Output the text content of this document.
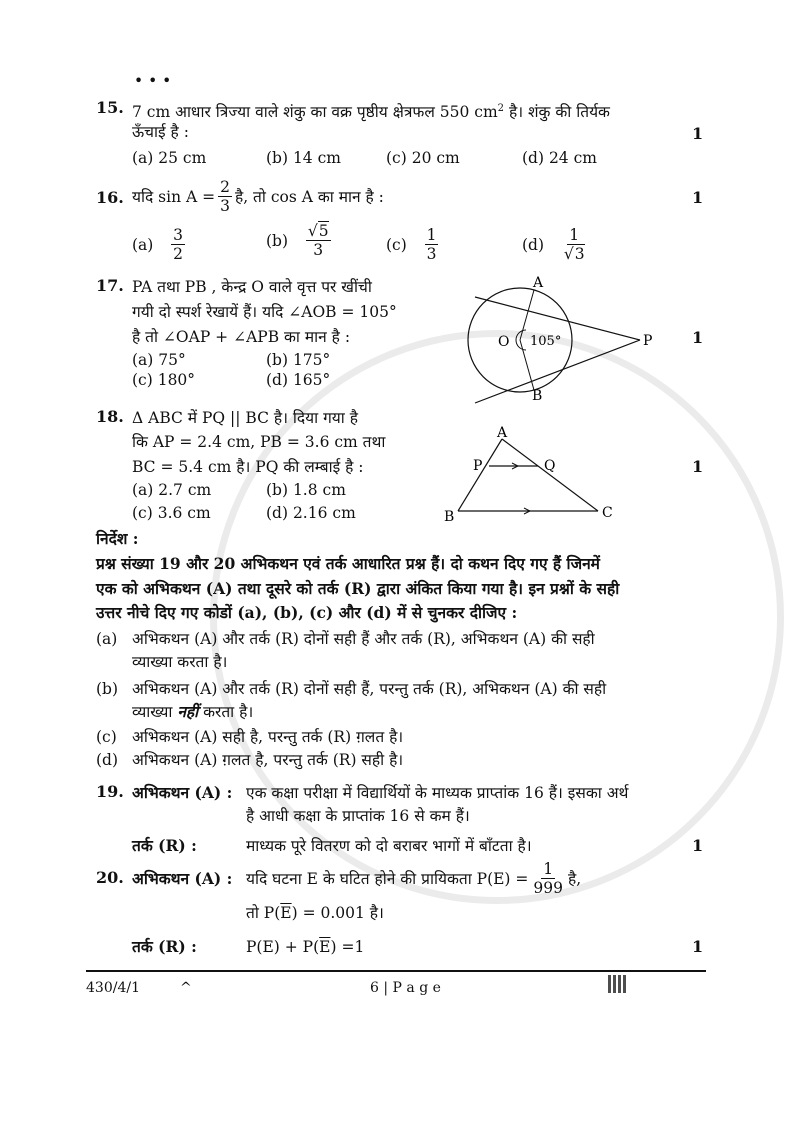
• • •
15. 7 cm आधार त्रिज्या वाले शंकु का वक्र पृष्ठीय क्षेत्रफल 550 $cm^2$ है। शंकु की तिर्यक
ऊँचाई है :	1
(a) 25 cm	(b) 14 cm	(c) 20 cm	(d) 24 cm
16. यदि $\sin A = \frac{2}{3}$ है, तो cos A का मान है :	1
(a)
$\frac{3}{2}$	(b)
$\frac{√5}{3}$	(c)
$\frac{1}{3}$	(d)
$\frac{1}{√3}$
17. PA तथा PB , केन्द्र O वाले वृत्त पर खींची
गयी दो स्पर्श रेखायें हैं। यदि ∠AOB = 105°
है तो ∠OAP + ∠APB का मान है :
(a) 75°	(b) 175°
(c) 180°	(d) 165°
1
A
O 105°	P
B
18. Δ ABC में PQ || BC है। दिया गया है
कि AP = 2.4 cm, PB = 3.6 cm तथा
BC = 5.4 cm है। PQ की लम्बाई है :
(a) 2.7 cm	(b) 1.8 cm
(c) 3.6 cm	(d) 2.16 cm
1
A
P	Q
B	C
निर्देश :
प्रश्न संख्या 19 और 20 अभिकथन एवं तर्क आधारित प्रश्न हैं। दो कथन दिए गए हैं जिनमें
एक को अभिकथन (A) तथा दूसरे को तर्क (R) द्वारा अंकित किया गया है। इन प्रश्नों के सही
उत्तर नीचे दिए गए कोडों (a), (b), (c) और (d) में से चुनकर दीजिए :
(a) अभिकथन (A) और तर्क (R) दोनों सही हैं और तर्क (R), अभिकथन (A) की सही
व्याख्या करता है।
(b) अभिकथन (A) और तर्क (R) दोनों सही हैं, परन्तु तर्क (R), अभिकथन (A) की सही
व्याख्या नहीं करता है।
(c) अभिकथन (A) सही है, परन्तु तर्क (R) ग़लत है।
(d) अभिकथन (A) ग़लत है, परन्तु तर्क (R) सही है।
19. अभिकथन (A) : एक कक्षा परीक्षा में विद्यार्थियों के माध्यक प्राप्तांक 16 हैं। इसका अर्थ
है आधी कक्षा के प्राप्तांक 16 से कम हैं।
तर्क (R) :	माध्यक पूरे वितरण को दो बराबर भागों में बाँटता है।	1
20. अभिकथन (A) : यदि घटना E के घटित होने की प्रायिकता $P(E) = \frac{1}{999}$ है,
तो $P(\overline{E}) = 0.001$ है।
तर्क (R) :	$P(E) + P(\overline{E}) =1$	1
430/4/1	^	6 | P a g e
